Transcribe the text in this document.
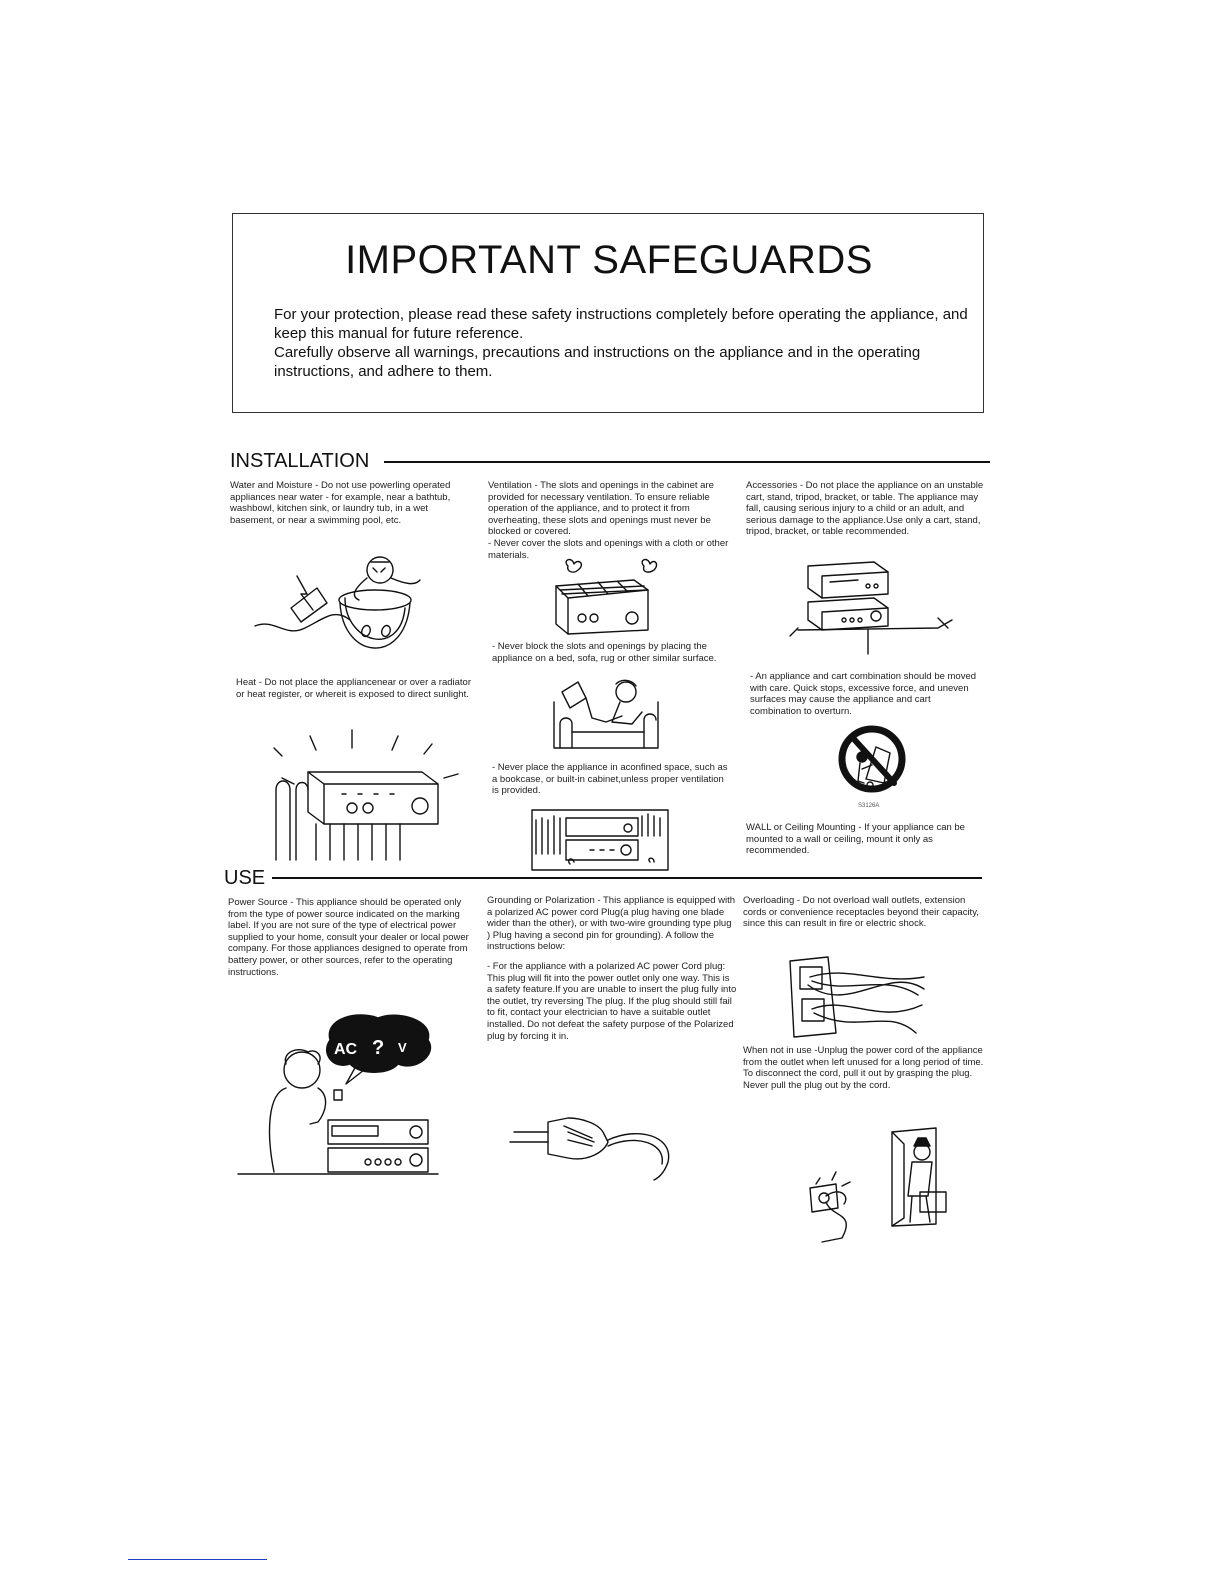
IMPORTANT SAFEGUARDS

For your protection, please read these safety instructions completely before operating the appliance, and keep this manual for future reference.

Carefully observe all warnings, precautions and instructions on the appliance and in the operating instructions, and adhere to them.

INSTALLATION
Water and Moisture - Do not use powerling operated appliances near water - for example, near a bathtub, washbowl, kitchen sink, or laundry tub, in a wet basement, or near a swimming pool, etc.
Heat - Do not place the appliancenear or over a radiator or heat register, or whereit is exposed to direct sunlight.

Ventilation - The slots and openings in the cabinet are provided for necessary ventilation. To ensure reliable operation of the appliance, and to protect it from overheating, these slots and openings must never be blocked or covered.

- Never cover the slots and openings with a cloth or other materials.

- Never block the slots and openings by placing the appliance on a bed, sofa, rug or other similar surface.
- Never place the appliance in aconfined space, such as a bookcase, or built-in cabinet,unless proper ventilation is provided.
Accessories - Do not place the appliance on an unstable cart, stand, tripod, bracket, or table. The appliance may fall, causing serious injury to a child or an adult, and serious damage to the appliance.Use only a cart, stand, tripod, bracket, or table recommended.
- An appliance and cart combination should be moved with care. Quick stops, excessive force, and uneven surfaces may cause the appliance and cart combination to overturn.
S3126A
WALL or Ceiling Mounting - If your appliance can be mounted to a wall or ceiling, mount it only as recommended.
USE
Power Source - This appliance should be operated only from the type of power source indicated on the marking label. If you are not sure of the type of electrical power supplied to your home, consult your dealer or local power company. For those appliances designed to operate from battery power, or other sources, refer to the operating instructions.
AC ? V

Grounding or Polarization - This appliance is equipped with a polarized AC power cord Plug(a plug having one blade wider than the other), or with two-wire grounding type plug ) Plug having a second pin for grounding). A follow the instructions below:

- For the appliance with a polarized AC power Cord plug: This plug will fit into the power outlet only one way. This is a safety feature.If you are unable to insert the plug fully into the outlet, try reversing The plug. If the plug should still fail to fit, contact your electrician to have a suitable outlet installed. Do not defeat the safety purpose of the Polarized plug by forcing it in.

Overloading - Do not overload wall outlets, extension cords or convenience receptacles beyond their capacity, since this can result in fire or electric shock.
When not in use -Unplug the power cord of the appliance from the outlet when left unused for a long period of time. To disconnect the cord, pull it out by grasping the plug. Never pull the plug out by the cord.
